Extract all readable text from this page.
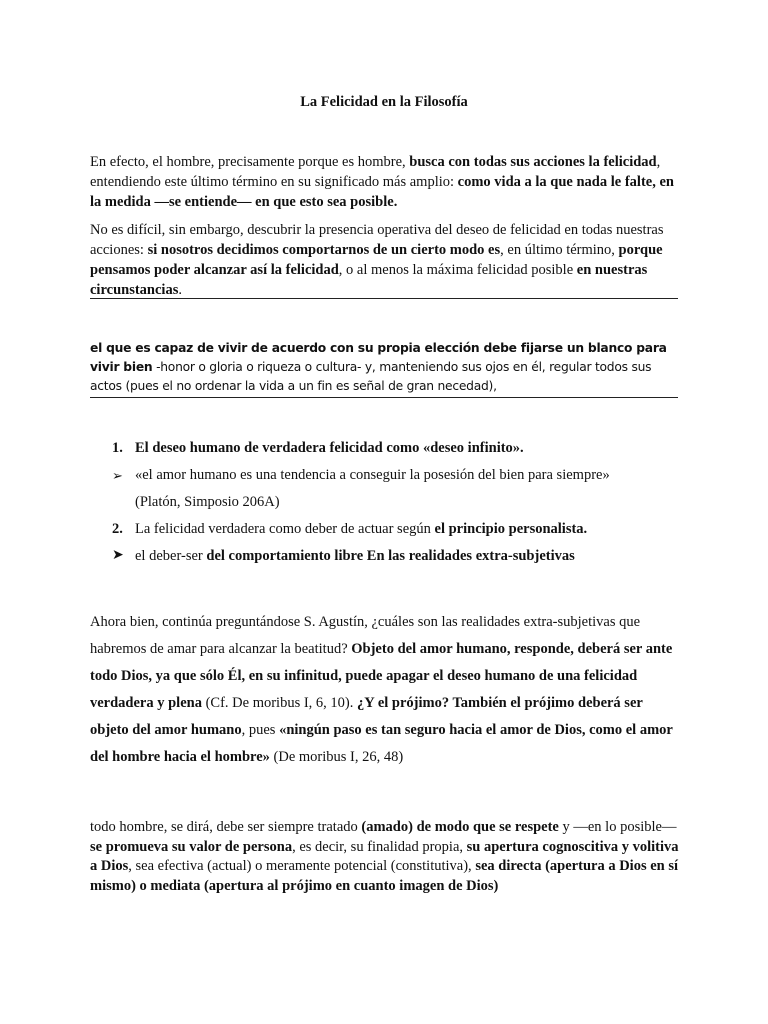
La Felicidad en la Filosofía
En efecto, el hombre, precisamente porque es hombre, busca con todas sus acciones la felicidad, entendiendo este último término en su significado más amplio: como vida a la que nada le falte, en la medida —se entiende— en que esto sea posible.
No es difícil, sin embargo, descubrir la presencia operativa del deseo de felicidad en todas nuestras acciones: si nosotros decidimos comportarnos de un cierto modo es, en último término, porque pensamos poder alcanzar así la felicidad, o al menos la máxima felicidad posible en nuestras circunstancias.
el que es capaz de vivir de acuerdo con su propia elección debe fijarse un blanco para vivir bien -honor o gloria o riqueza o cultura- y, manteniendo sus ojos en él, regular todos sus actos (pues el no ordenar la vida a un fin es señal de gran necedad),
1. El deseo humano de verdadera felicidad como «deseo infinito».
➢ «el amor humano es una tendencia a conseguir la posesión del bien para siempre»
(Platón, Simposio 206A)
2. La felicidad verdadera como deber de actuar según el principio personalista.
➤ el deber-ser del comportamiento libre En las realidades extra-subjetivas
Ahora bien, continúa preguntándose S. Agustín, ¿cuáles son las realidades extra-subjetivas que habremos de amar para alcanzar la beatitud? Objeto del amor humano, responde, deberá ser ante todo Dios, ya que sólo Él, en su infinitud, puede apagar el deseo humano de una felicidad verdadera y plena (Cf. De moribus I, 6, 10). ¿Y el prójimo? También el prójimo deberá ser objeto del amor humano, pues «ningún paso es tan seguro hacia el amor de Dios, como el amor del hombre hacia el hombre» (De moribus I, 26, 48)
todo hombre, se dirá, debe ser siempre tratado (amado) de modo que se respete y —en lo posible— se promueva su valor de persona, es decir, su finalidad propia, su apertura cognoscitiva y volitiva a Dios, sea efectiva (actual) o meramente potencial (constitutiva), sea directa (apertura a Dios en sí mismo) o mediata (apertura al prójimo en cuanto imagen de Dios)
